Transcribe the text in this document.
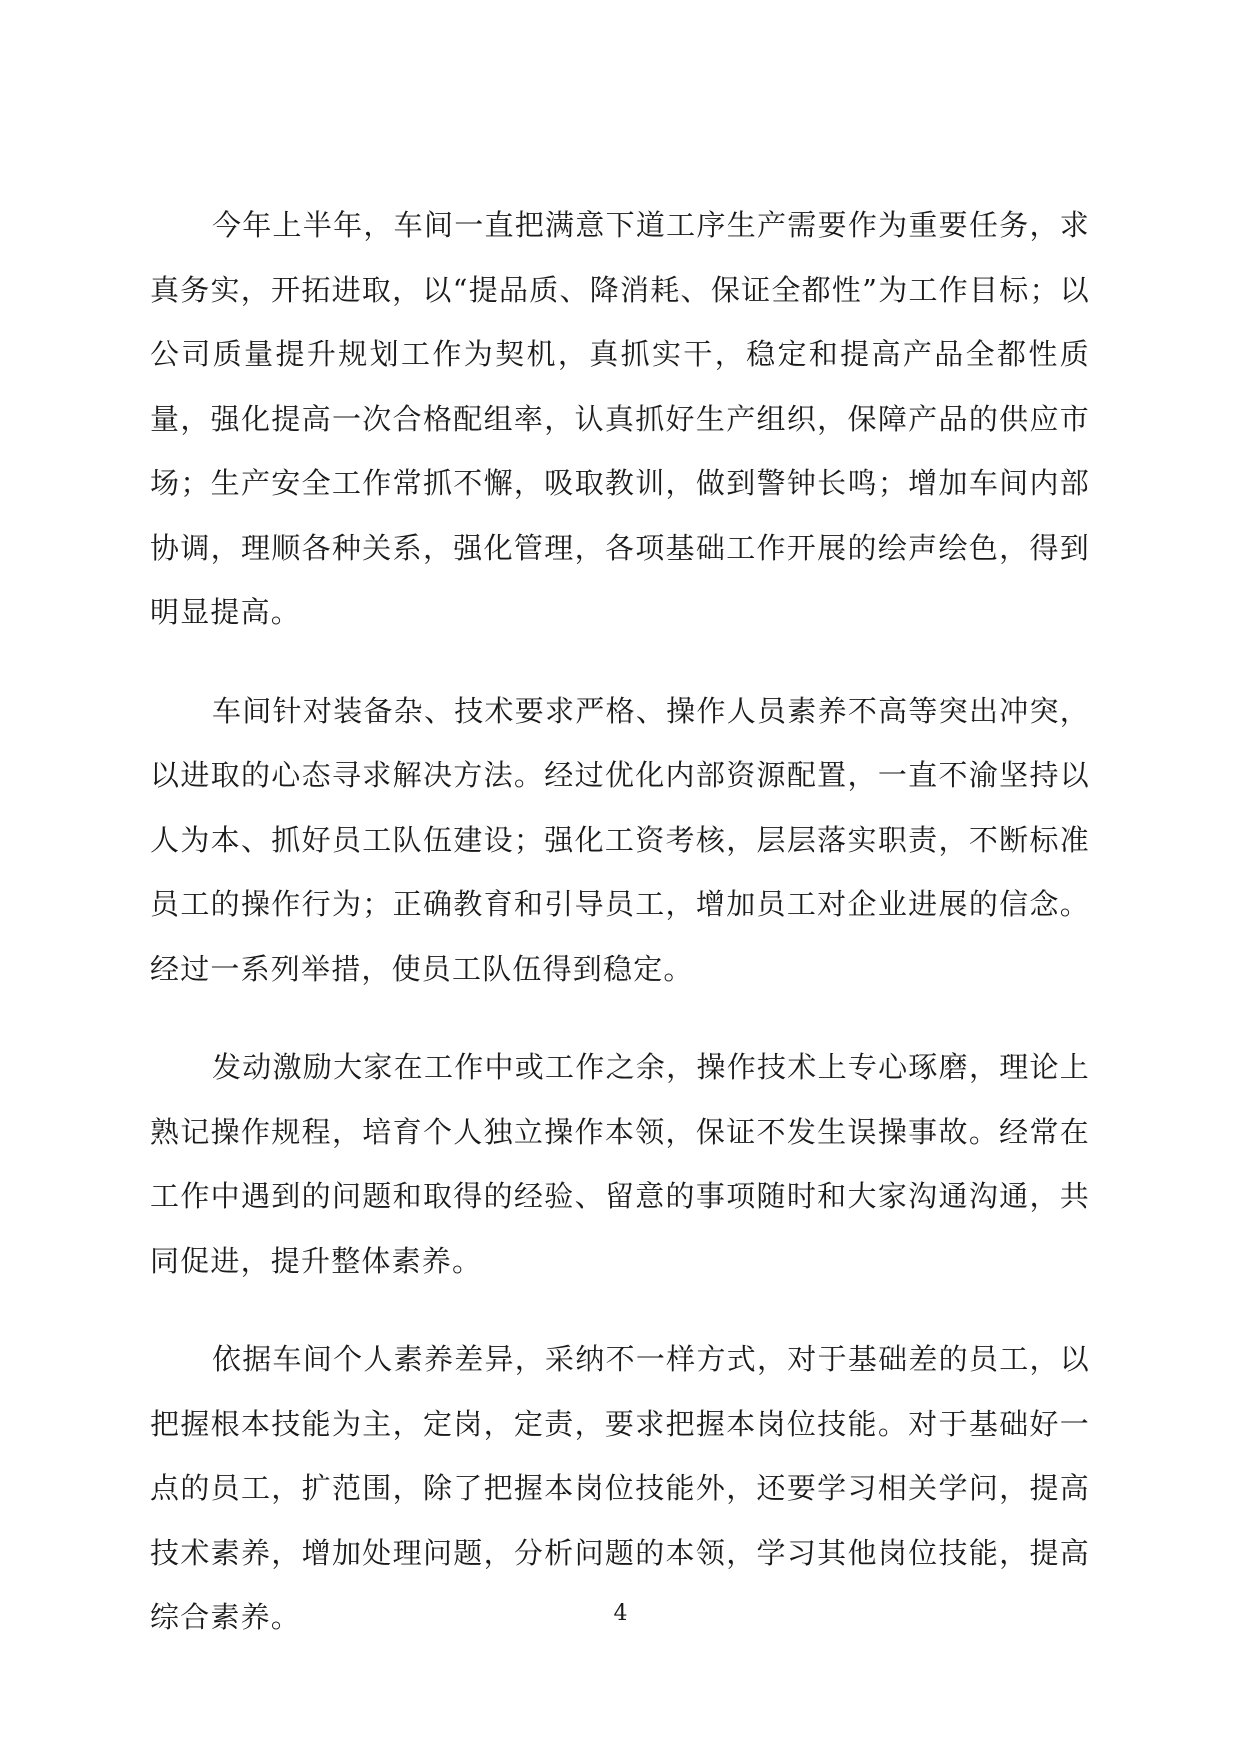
今年上半年，车间一直把满意下道工序生产需要作为重要任务，求真务实，开拓进取，以“提品质、降消耗、保证全都性”为工作目标；以公司质量提升规划工作为契机，真抓实干，稳定和提高产品全都性质量，强化提高一次合格配组率，认真抓好生产组织，保障产品的供应市场；生产安全工作常抓不懈，吸取教训，做到警钟长鸣；增加车间内部协调，理顺各种关系，强化管理，各项基础工作开展的绘声绘色，得到明显提高。

车间针对装备杂、技术要求严格、操作人员素养不高等突出冲突，以进取的心态寻求解决方法。经过优化内部资源配置，一直不渝坚持以人为本、抓好员工队伍建设；强化工资考核，层层落实职责，不断标准员工的操作行为；正确教育和引导员工，增加员工对企业进展的信念。经过一系列举措，使员工队伍得到稳定。

发动激励大家在工作中或工作之余，操作技术上专心琢磨，理论上熟记操作规程，培育个人独立操作本领，保证不发生误操事故。经常在工作中遇到的问题和取得的经验、留意的事项随时和大家沟通沟通，共同促进，提升整体素养。

依据车间个人素养差异，采纳不一样方式，对于基础差的员工，以把握根本技能为主，定岗，定责，要求把握本岗位技能。对于基础好一点的员工，扩范围，除了把握本岗位技能外，还要学习相关学问，提高技术素养，增加处理问题，分析问题的本领，学习其他岗位技能，提高综合素养。	4
